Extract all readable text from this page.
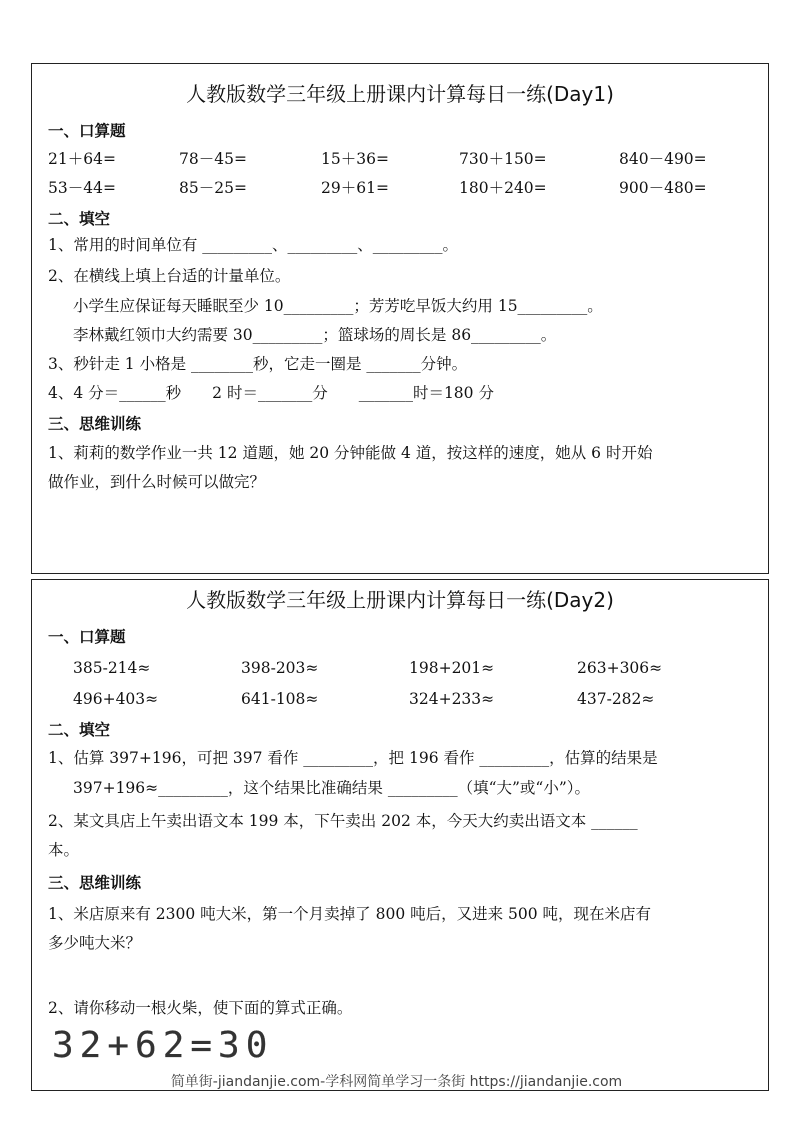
人教版数学三年级上册课内计算每日一练(Day1)
一、口算题
21＋64=	78－45=	15＋36=	730＋150=	840－490=
53－44=	85－25=	29＋61=	180＋240=	900－480=
二、填空
1、常用的时间单位有 _________、_________、_________。
2、在横线上填上台适的计量单位。
小学生应保证每天睡眠至少 10_________；芳芳吃早饭大约用 15_________。
李林戴红领巾大约需要 30_________；篮球场的周长是 86_________。
3、秒针走 1 小格是 ________秒，它走一圈是 _______分钟。
4、4 分＝______秒　　2 时＝_______分　　_______时＝180 分
三、思维训练
1、莉莉的数学作业一共 12 道题，她 20 分钟能做 4 道，按这样的速度，她从 6 时开始
做作业，到什么时候可以做完？
人教版数学三年级上册课内计算每日一练(Day2)
一、口算题
385-214≈	398-203≈	198+201≈	263+306≈
496+403≈	641-108≈	324+233≈	437-282≈
二、填空
1、估算 397+196，可把 397 看作 _________，把 196 看作 _________，估算的结果是
397+196≈_________，这个结果比准确结果 _________（填“大”或“小”）。
2、某文具店上午卖出语文本 199 本，下午卖出 202 本，今天大约卖出语文本 ______
本。
三、思维训练
1、米店原来有 2300 吨大米，第一个月卖掉了 800 吨后，又进来 500 吨，现在米店有
多少吨大米？
2、请你移动一根火柴，使下面的算式正确。
32+62=30
简单街-jiandanjie.com-学科网简单学习一条街 https://jiandanjie.com
